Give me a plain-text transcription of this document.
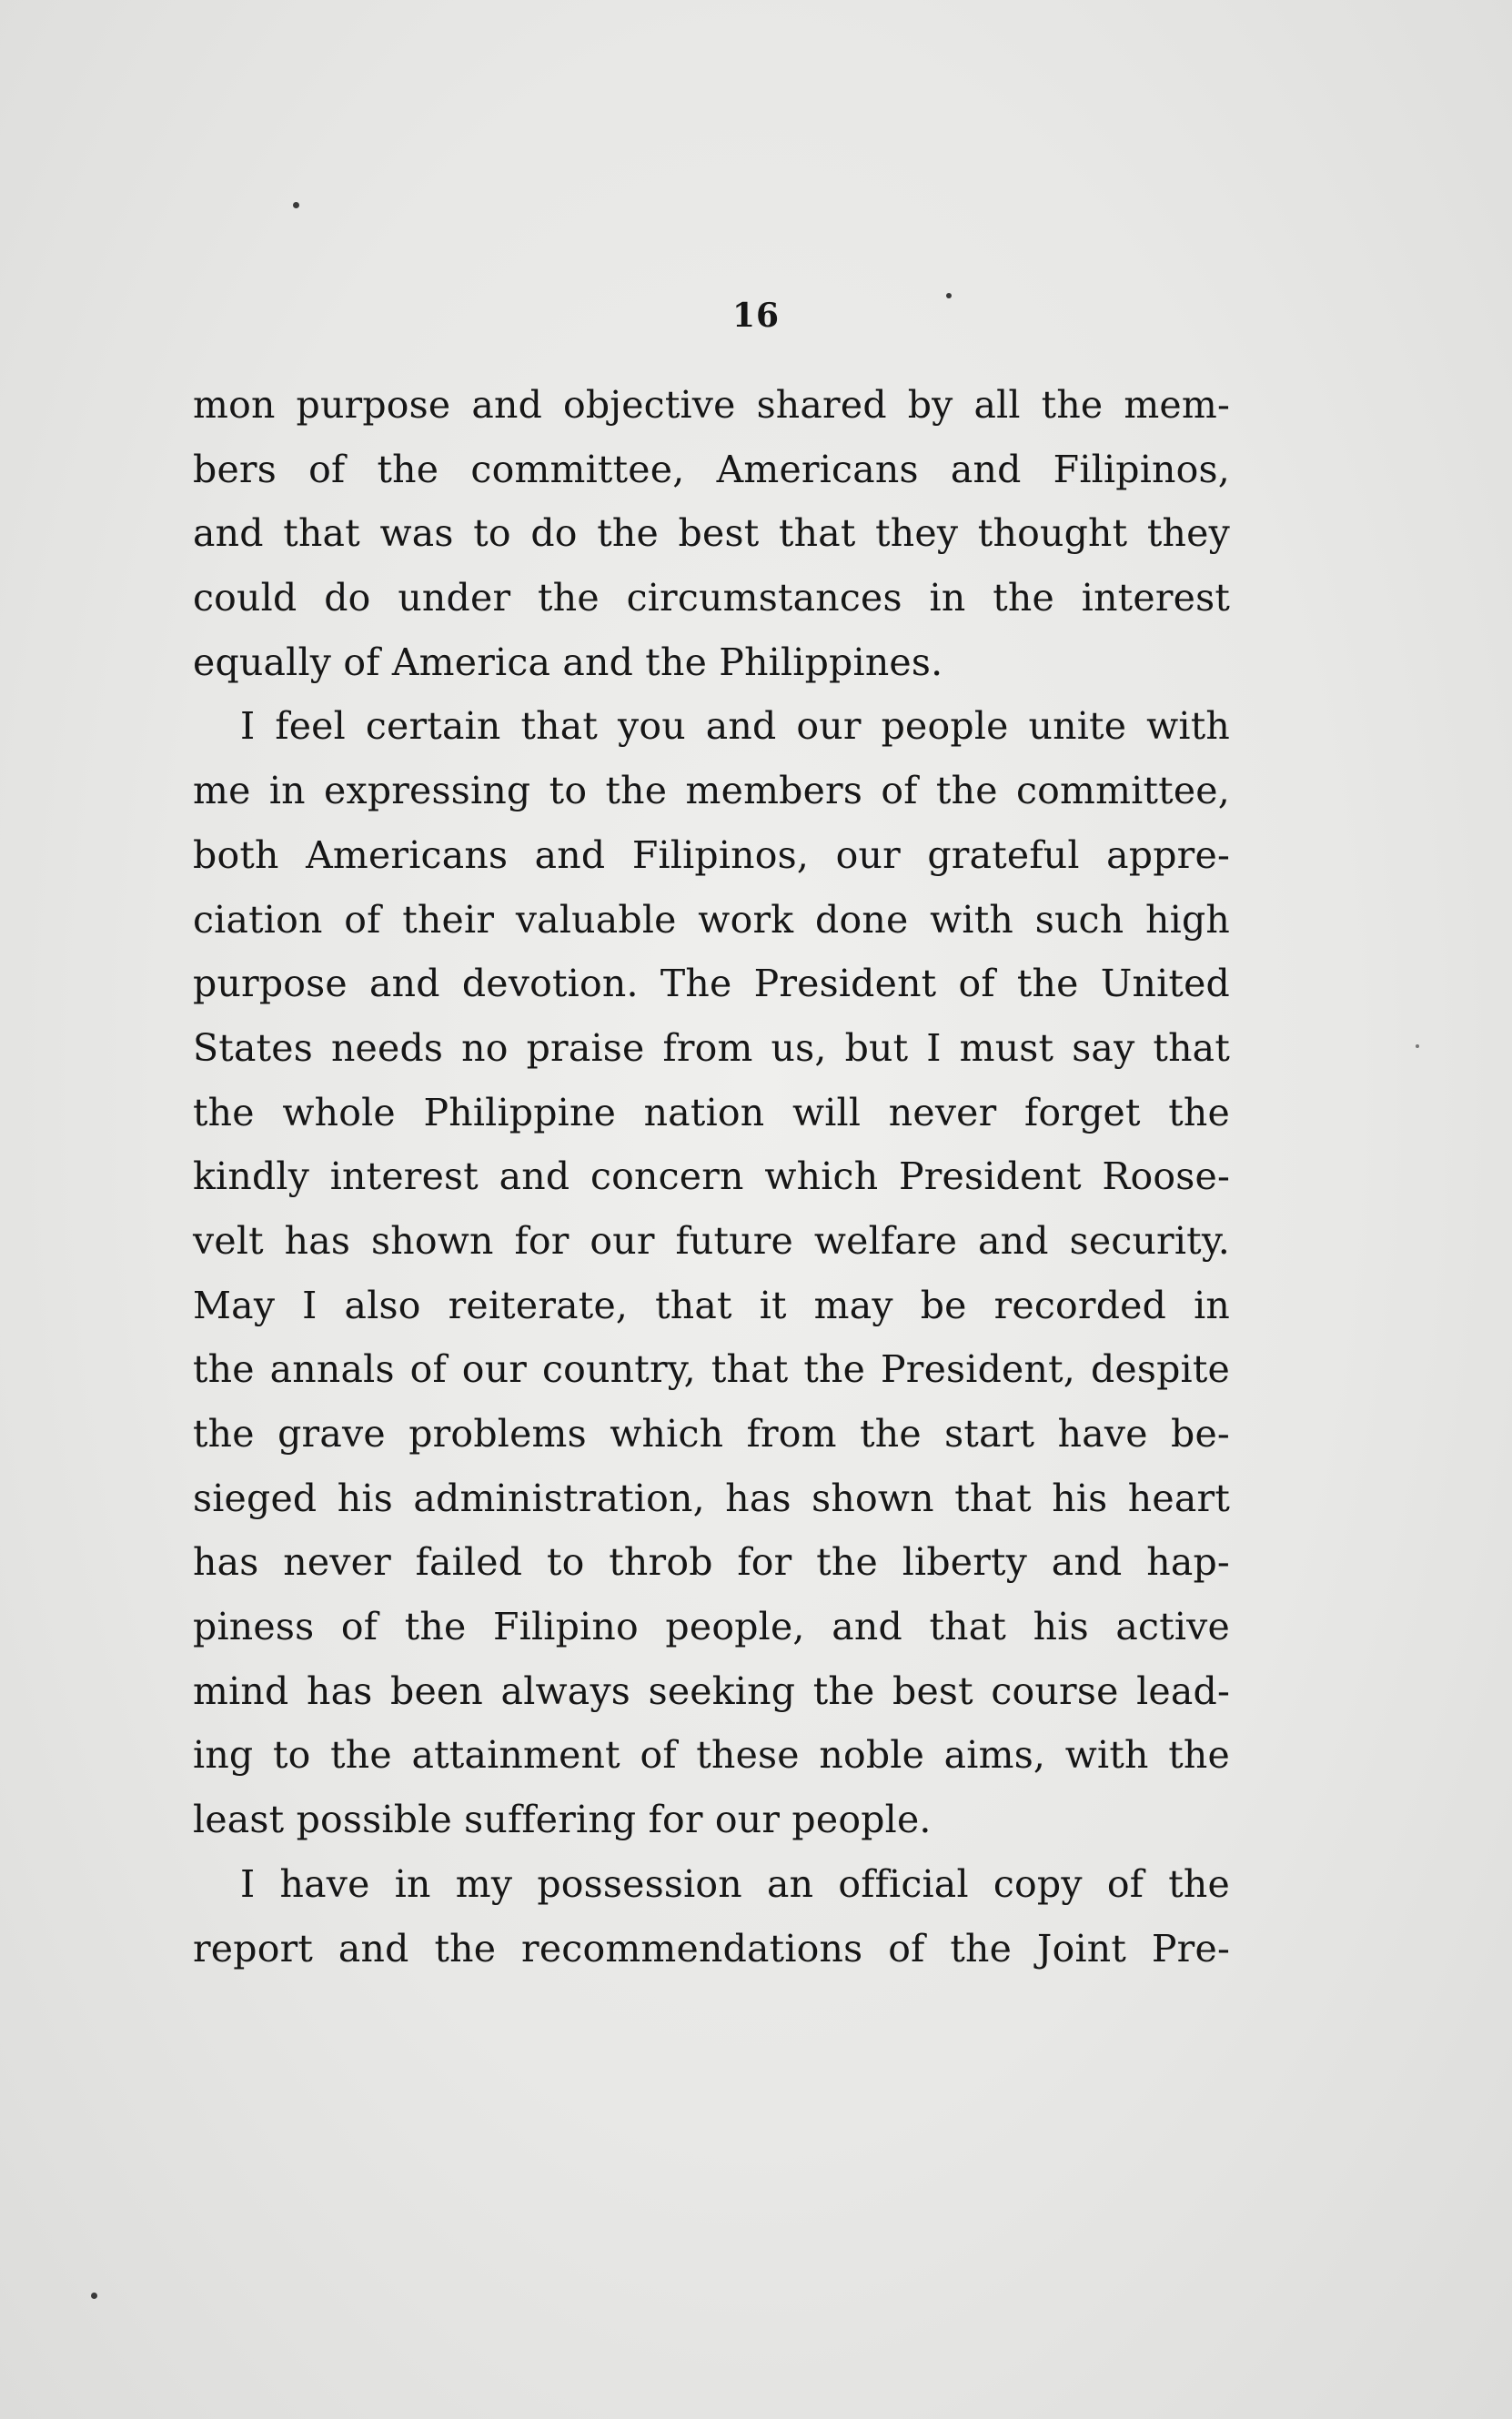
16
mon purpose and objective shared by all the mem-
bers of the committee, Americans and Filipinos,
and that was to do the best that they thought they
could do under the circumstances in the interest
equally of America and the Philippines.
I feel certain that you and our people unite with
me in expressing to the members of the committee,
both Americans and Filipinos, our grateful appre-
ciation of their valuable work done with such high
purpose and devotion. The President of the United
States needs no praise from us, but I must say that
the whole Philippine nation will never forget the
kindly interest and concern which President Roose-
velt has shown for our future welfare and security.
May I also reiterate, that it may be recorded in
the annals of our country, that the President, despite
the grave problems which from the start have be-
sieged his administration, has shown that his heart
has never failed to throb for the liberty and hap-
piness of the Filipino people, and that his active
mind has been always seeking the best course lead-
ing to the attainment of these noble aims, with the
least possible suffering for our people.
I have in my possession an official copy of the
report and the recommendations of the Joint Pre-
